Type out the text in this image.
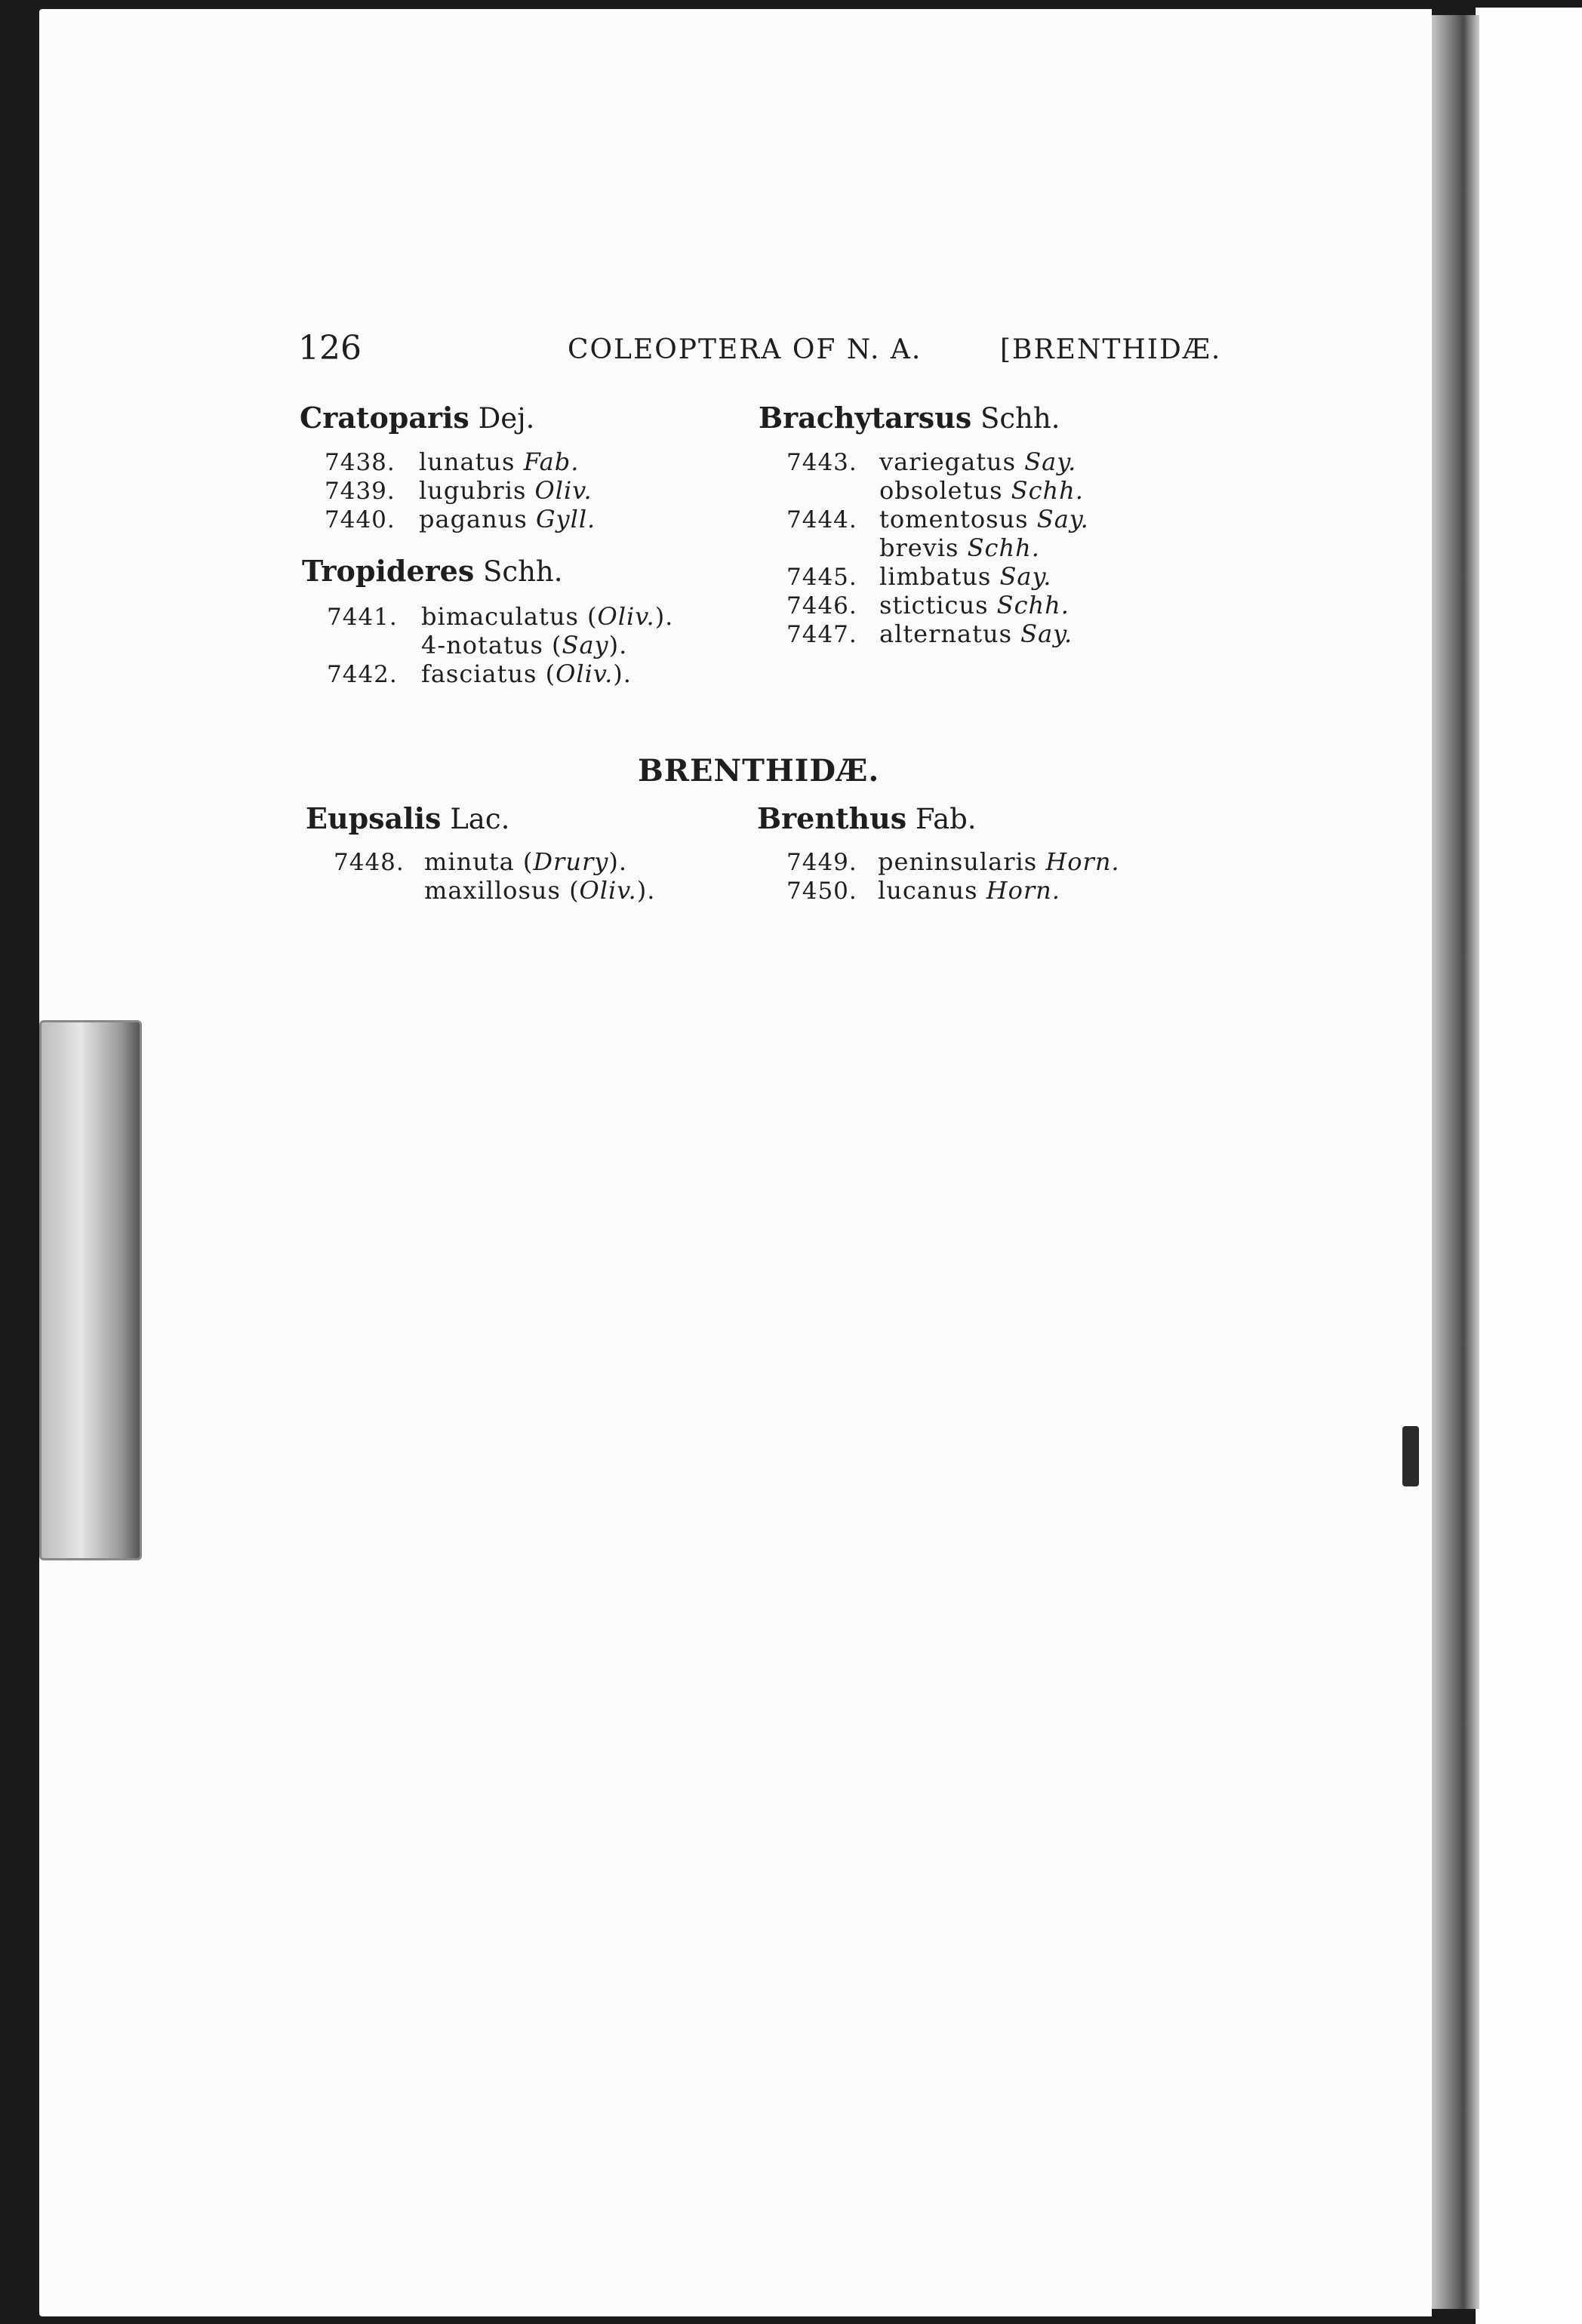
126	COLEOPTERA OF N. A.	[BRENTHIDÆ.
Cratoparis Dej.
7438. lunatus Fab.
7439. lugubris Oliv.
7440. paganus Gyll.
Tropideres Schh.
7441. bimaculatus (Oliv.).
4-notatus (Say).
7442. fasciatus (Oliv.).
Brachytarsus Schh.
7443. variegatus Say.
obsoletus Schh.
7444. tomentosus Say.
brevis Schh.
7445. limbatus Say.
7446. sticticus Schh.
7447. alternatus Say.
BRENTHIDÆ.
Eupsalis Lac.
7448. minuta (Drury).
maxillosus (Oliv.).
Brenthus Fab.
7449. peninsularis Horn.
7450. lucanus Horn.
